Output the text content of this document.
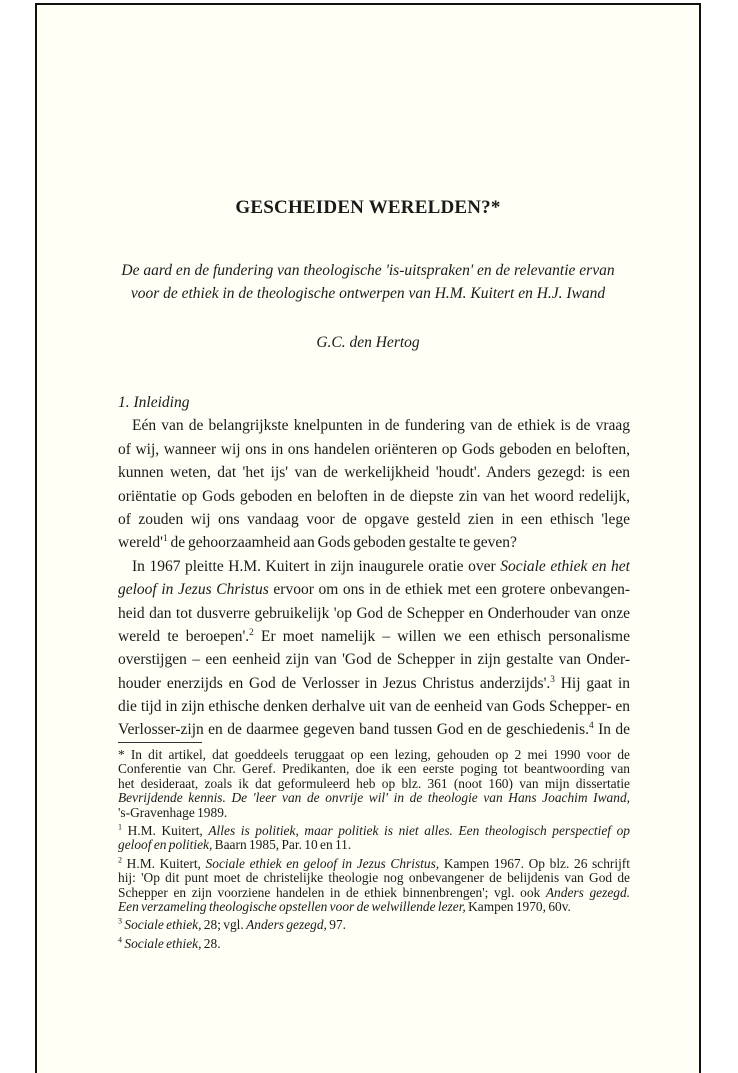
GESCHEIDEN WERELDEN?*
De aard en de fundering van theologische 'is-uitspraken' en de relevantie ervan
voor de ethiek in de theologische ontwerpen van H.M. Kuitert en H.J. Iwand
G.C. den Hertog
1. Inleiding
Eén van de belangrijkste knelpunten in de fundering van de ethiek is de vraag
of wij, wanneer wij ons in ons handelen oriënteren op Gods geboden en beloften,
kunnen weten, dat 'het ijs' van de werkelijkheid 'houdt'. Anders gezegd: is een
oriëntatie op Gods geboden en beloften in de diepste zin van het woord redelijk,
of zouden wij ons vandaag voor de opgave gesteld zien in een ethisch 'lege
$wereld'^1$ de gehoorzaamheid aan Gods geboden gestalte te geven?
In 1967 pleitte H.M. Kuitert in zijn inaugurele oratie over Sociale ethiek en het
geloof in Jezus Christus ervoor om ons in de ethiek met een grotere onbevangen-
heid dan tot dusverre gebruikelijk 'op God de Schepper en Onderhouder van onze
wereld te beroepen'.$^2$ Er moet namelijk – willen we een ethisch personalisme
overstijgen – een eenheid zijn van 'God de Schepper in zijn gestalte van Onder-
houder enerzijds en God de Verlosser in Jezus Christus anderzijds'.$^3$ Hij gaat in
die tijd in zijn ethische denken derhalve uit van de eenheid van Gods Schepper- en
Verlosser-zijn en de daarmee gegeven band tussen God en de geschiedenis.$^4$ In de
* In dit artikel, dat goeddeels teruggaat op een lezing, gehouden op 2 mei 1990 voor de
Conferentie van Chr. Geref. Predikanten, doe ik een eerste poging tot beantwoording van
het desideraat, zoals ik dat geformuleerd heb op blz. 361 (noot 160) van mijn dissertatie
Bevrijdende kennis. De 'leer van de onvrije wil' in de theologie van Hans Joachim Iwand,
's-Gravenhage 1989.
$^1$ H.M. Kuitert, Alles is politiek, maar politiek is niet alles. Een theologisch perspectief op
geloof en politiek, Baarn 1985, Par. 10 en 11.
$^2$ H.M. Kuitert, Sociale ethiek en geloof in Jezus Christus, Kampen 1967. Op blz. 26 schrijft
hij: 'Op dit punt moet de christelijke theologie nog onbevangener de belijdenis van God de
Schepper en zijn voorziene handelen in de ethiek binnenbrengen'; vgl. ook Anders gezegd.
Een verzameling theologische opstellen voor de welwillende lezer, Kampen 1970, 60v.
$^3$ Sociale ethiek, 28; vgl. Anders gezegd, 97.
$^4$ Sociale ethiek, 28.
